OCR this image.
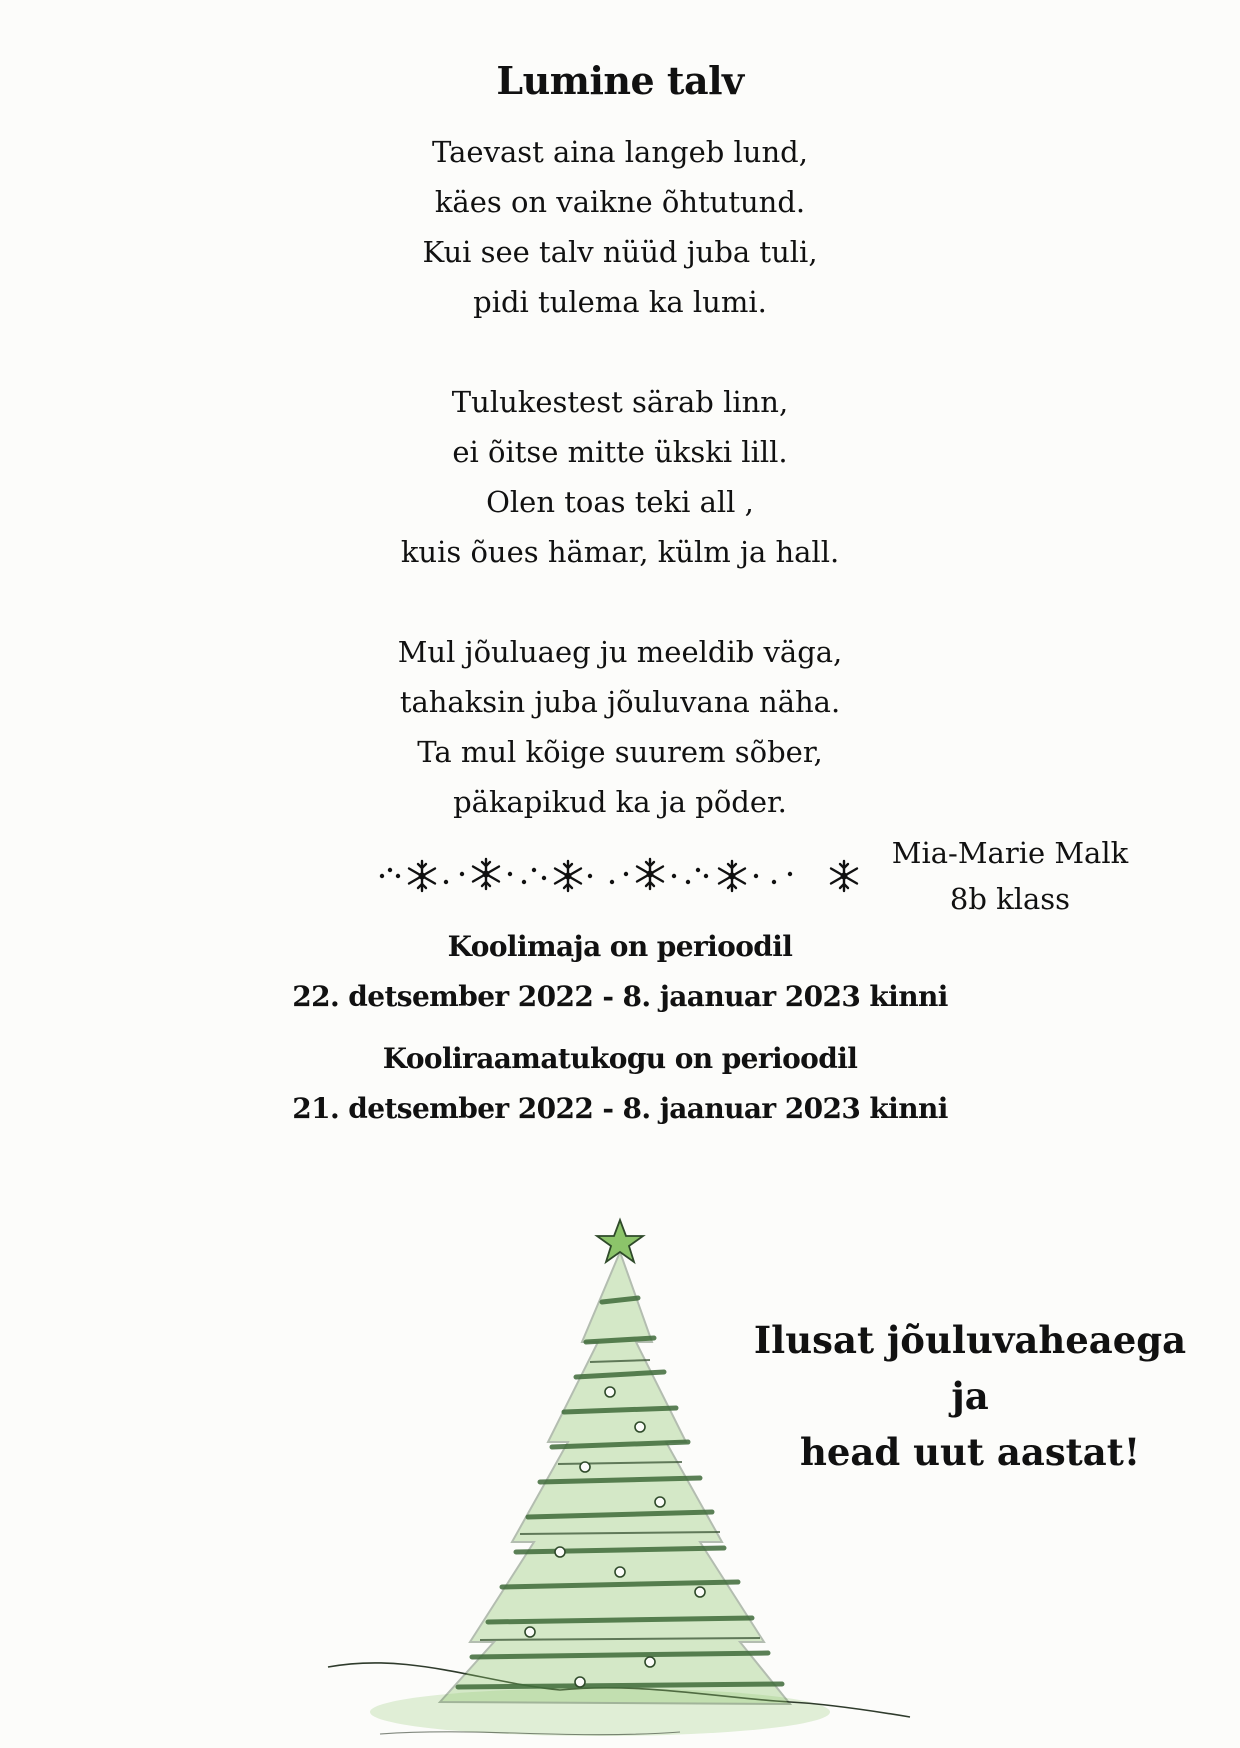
Lumine talv
Taevast aina langeb lund,
käes on vaikne õhtutund.
Kui see talv nüüd juba tuli,
pidi tulema ka lumi.
Tulukestest särab linn,
ei õitse mitte ükski lill.
Olen toas teki all ,
kuis õues hämar, külm ja hall.
Mul jõuluaeg ju meeldib väga,
tahaksin juba jõuluvana näha.
Ta mul kõige suurem sõber,
päkapikud ka ja põder.
Mia-Marie Malk
8b klass
Koolimaja on perioodil
22. detsember 2022 - 8. jaanuar 2023 kinni
Kooliraamatukogu on perioodil
21. detsember 2022 - 8. jaanuar 2023 kinni
Ilusat jõuluvaheaega ja
head uut aastat!
